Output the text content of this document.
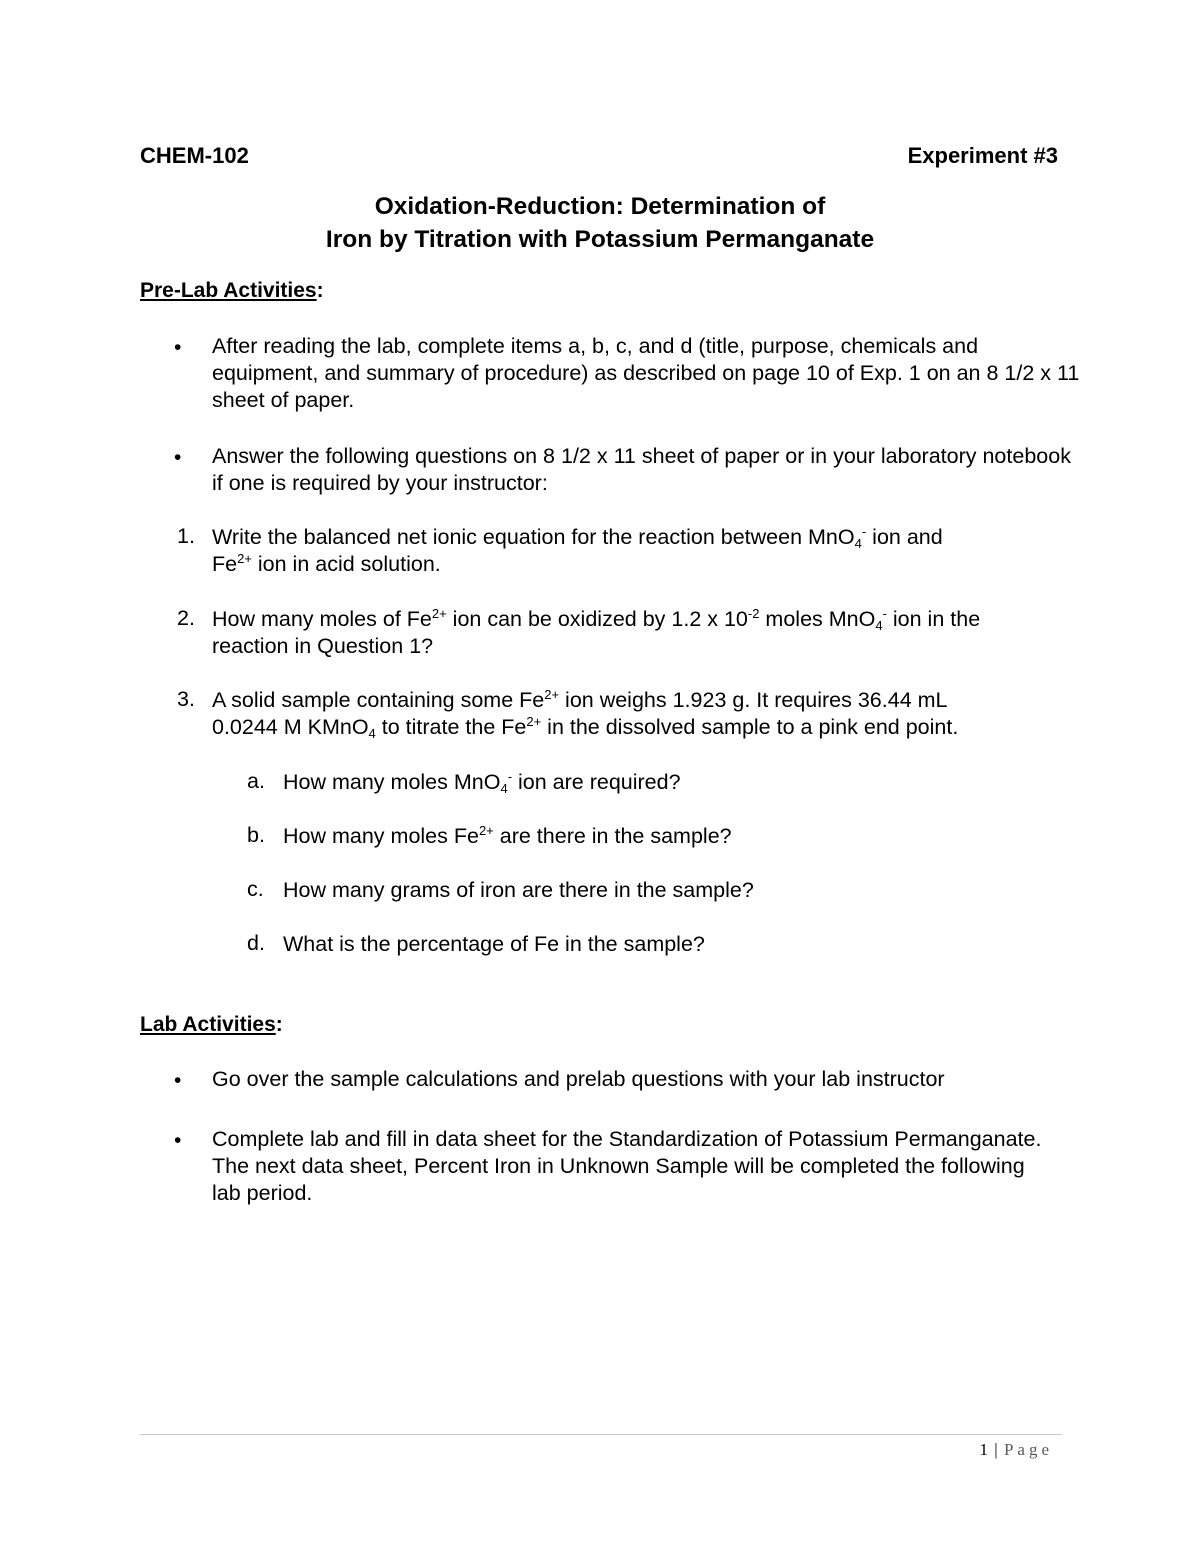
CHEM-102	Experiment #3
Oxidation-Reduction: Determination of
Iron by Titration with Potassium Permanganate
Pre-Lab Activities:
• After reading the lab, complete items a, b, c, and d (title, purpose, chemicals and equipment, and summary of procedure) as described on page 10 of Exp. 1 on an 8 1/2 x 11 sheet of paper.
• Answer the following questions on 8 1/2 x 11 sheet of paper or in your laboratory notebook if one is required by your instructor:
1. Write the balanced net ionic equation for the reaction between MnO$_4$- ion and
$Fe^{2+}$ ion in acid solution.
2. How many moles of $Fe^{2+}$ ion can be oxidized by 1.2 x $10^{-2}$ moles MnO$_4$- ion in the
reaction in Question 1?
3. A solid sample containing some $Fe^{2+}$ ion weighs 1.923 g. It requires 36.44 mL
0.0244 M KMnO$_4$ to titrate the $Fe^{2+}$ in the dissolved sample to a pink end point.
a. How many moles MnO$_4$- ion are required?
b. How many moles $Fe^{2+}$ are there in the sample?
c. How many grams of iron are there in the sample?
d. What is the percentage of Fe in the sample?
Lab Activities:
• Go over the sample calculations and prelab questions with your lab instructor
• Complete lab and fill in data sheet for the Standardization of Potassium Permanganate. The next data sheet, Percent Iron in Unknown Sample will be completed the following lab period.
1 | Page
